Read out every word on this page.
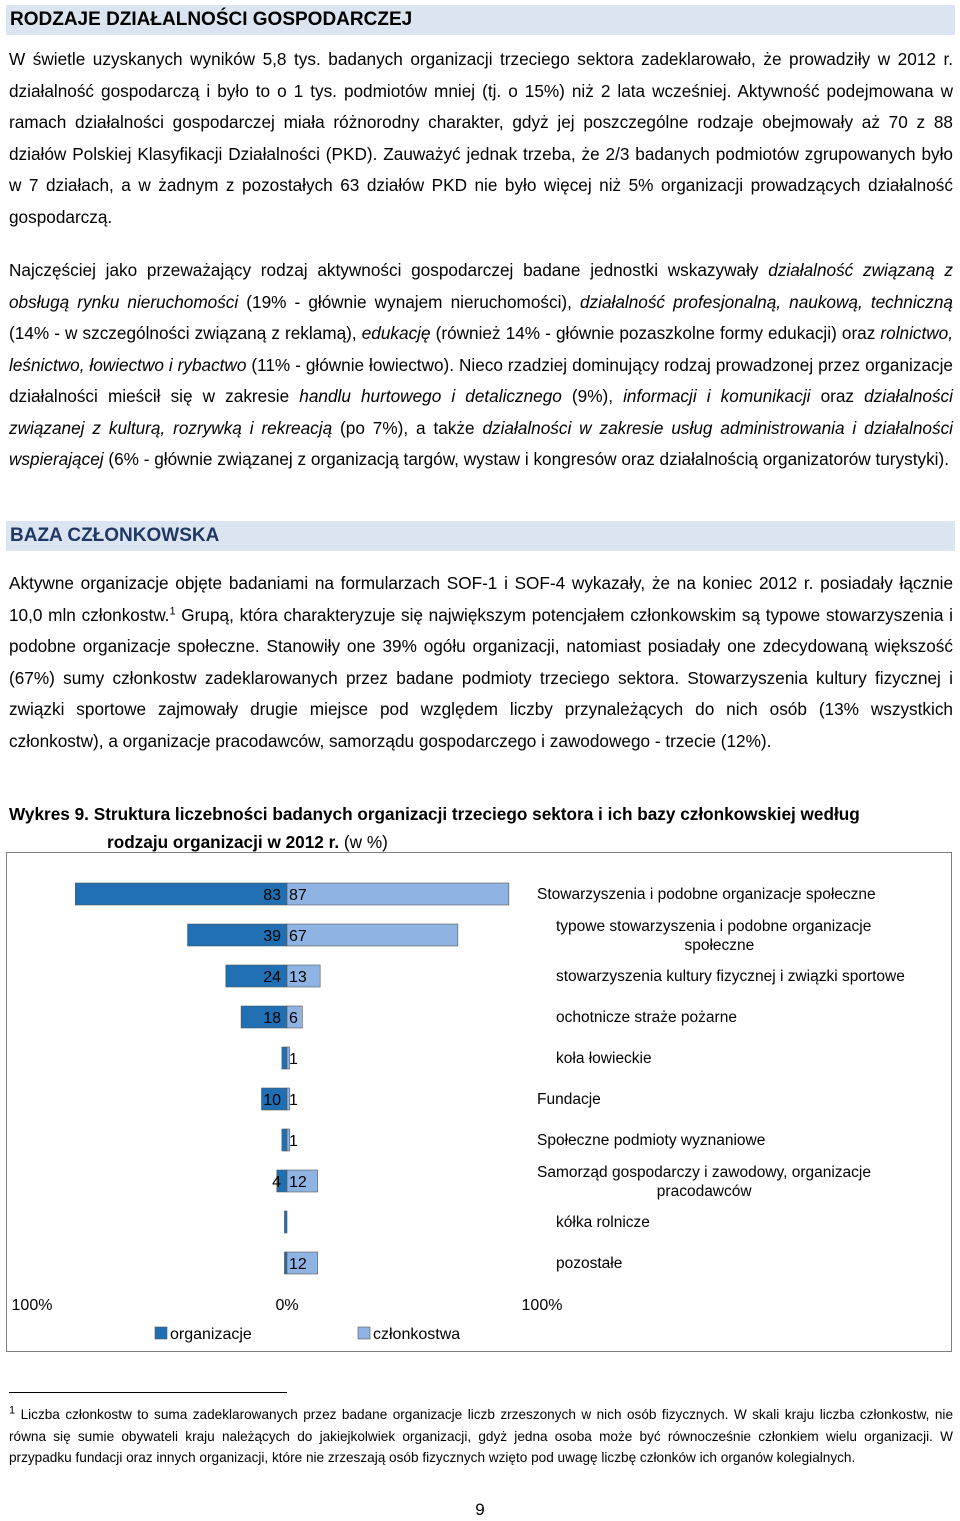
RODZAJE DZIAŁALNOŚCI GOSPODARCZEJ

W świetle uzyskanych wyników 5,8 tys. badanych organizacji trzeciego sektora zadeklarowało, że prowadziły w 2012 r. działalność gospodarczą i było to o 1 tys. podmiotów mniej (tj. o 15%) niż 2 lata wcześniej. Aktywność podejmowana w ramach działalności gospodarczej miała różnorodny charakter, gdyż jej poszczególne rodzaje obejmowały aż 70 z 88 działów Polskiej Klasyfikacji Działalności (PKD). Zauważyć jednak trzeba, że 2/3 badanych podmiotów zgrupowanych było w 7 działach, a w żadnym z pozostałych 63 działów PKD nie było więcej niż 5% organizacji prowadzących działalność gospodarczą.

Najczęściej jako przeważający rodzaj aktywności gospodarczej badane jednostki wskazywały działalność związaną z obsługą rynku nieruchomości (19% - głównie wynajem nieruchomości), działalność profesjonalną, naukową, techniczną (14% - w szczególności związaną z reklamą), edukację (również 14% - głównie pozaszkolne formy edukacji) oraz rolnictwo, leśnictwo, łowiectwo i rybactwo (11% - głównie łowiectwo). Nieco rzadziej dominujący rodzaj prowadzonej przez organizacje działalności mieścił się w zakresie handlu hurtowego i detalicznego (9%), informacji i komunikacji oraz działalności związanej z kulturą, rozrywką i rekreacją (po 7%), a także działalności w zakresie usług administrowania i działalności wspierającej (6% - głównie związanej z organizacją targów, wystaw i kongresów oraz działalnością organizatorów turystyki).

BAZA CZŁONKOWSKA

Aktywne organizacje objęte badaniami na formularzach SOF-1 i SOF-4 wykazały, że na koniec 2012 r. posiadały łącznie 10,0 mln członkostw.$^1$ Grupą, która charakteryzuje się największym potencjałem członkowskim są typowe stowarzyszenia i podobne organizacje społeczne. Stanowiły one 39% ogółu organizacji, natomiast posiadały one zdecydowaną większość (67%) sumy członkostw zadeklarowanych przez badane podmioty trzeciego sektora. Stowarzyszenia kultury fizycznej i związki sportowe zajmowały drugie miejsce pod względem liczby przynależących do nich osób (13% wszystkich członkostw), a organizacje pracodawców, samorządu gospodarczego i zawodowego - trzecie (12%).

Wykres 9. Struktura liczebności badanych organizacji trzeciego sektora i ich bazy członkowskiej według
rodzaju organizacji w 2012 r. (w %)
83 87	Stowarzyszenia i podobne organizacje społeczne
39 67
typowe stowarzyszenia i podobne organizacje
społeczne
24 13	stowarzyszenia kultury fizycznej i związki sportowe
18 6	ochotnicze straże pożarne
1	koła łowieckie
10 1	Fundacje
1	Społeczne podmioty wyznaniowe
4 12
Samorząd gospodarczy i zawodowy, organizacje
pracodawców
kółka rolnicze
12	pozostałe
100%	0%	100%
organizacje	członkostwa

$^1$ Liczba członkostw to suma zadeklarowanych przez badane organizacje liczb zrzeszonych w nich osób fizycznych. W skali kraju liczba członkostw, nie równa się sumie obywateli kraju należących do jakiejkolwiek organizacji, gdyż jedna osoba może być równocześnie członkiem wielu organizacji. W przypadku fundacji oraz innych organizacji, które nie zrzeszają osób fizycznych wzięto pod uwagę liczbę członków ich organów kolegialnych.

9
